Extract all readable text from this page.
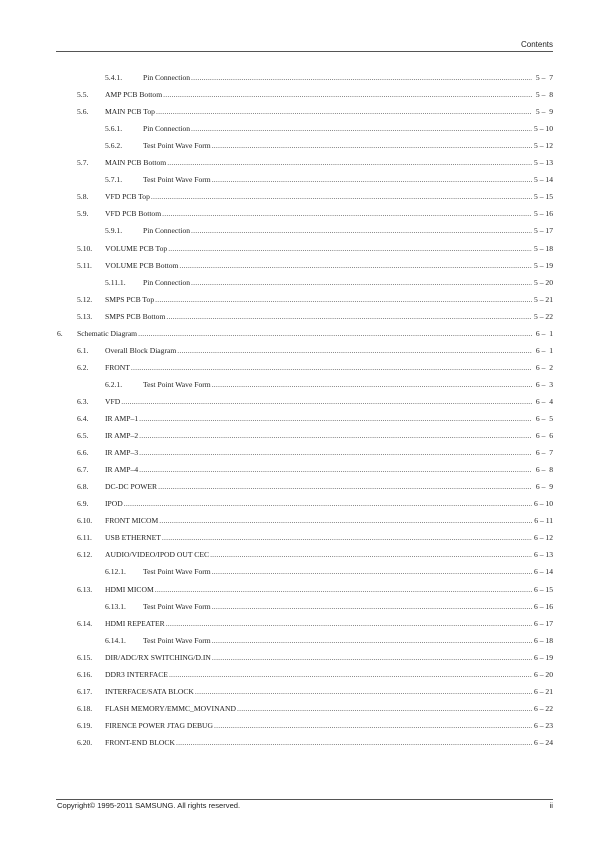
Contents
5.4.1.	Pin Connection .....	5 –  7
5.5. AMP PCB Bottom .....	5 –  8
5.6. MAIN PCB Top .....	5 –  9
5.6.1.	Pin Connection .....	5 – 10
5.6.2.	Test Point Wave Form .....	5 – 12
5.7. MAIN PCB Bottom .....	5 – 13
5.7.1.	Test Point Wave Form .....	5 – 14
5.8. VFD PCB Top .....	5 – 15
5.9. VFD PCB Bottom .....	5 – 16
5.9.1.	Pin Connection .....	5 – 17
5.10. VOLUME PCB Top .....	5 – 18
5.11. VOLUME PCB Bottom .....	5 – 19
5.11.1. Pin Connection .....	5 – 20
5.12. SMPS PCB Top .....	5 – 21
5.13. SMPS PCB Bottom .....	5 – 22
6. Schematic Diagram .....	6 –  1
6.1. Overall Block Diagram .....	6 –  1
6.2. FRONT .....	6 –  2
6.2.1.	Test Point Wave Form .....	6 –  3
6.3. VFD .....	6 –  4
6.4. IR AMP–1 .....	6 –  5
6.5. IR AMP–2 .....	6 –  6
6.6. IR AMP–3 .....	6 –  7
6.7. IR AMP–4 .....	6 –  8
6.8. DC-DC POWER .....	6 –  9
6.9. IPOD .....	6 – 10
6.10. FRONT MICOM .....	6 – 11
6.11. USB ETHERNET .....	6 – 12
6.12. AUDIO/VIDEO/IPOD OUT CEC .....	6 – 13
6.12.1. Test Point Wave Form .....	6 – 14
6.13. HDMI MICOM .....	6 – 15
6.13.1. Test Point Wave Form .....	6 – 16
6.14. HDMI REPEATER .....	6 – 17
6.14.1. Test Point Wave Form .....	6 – 18
6.15. DIR/ADC/RX SWITCHING/D.IN .....	6 – 19
6.16. DDR3 INTERFACE .....	6 – 20
6.17. INTERFACE/SATA BLOCK .....	6 – 21
6.18. FLASH MEMORY/EMMC_MOVINAND .....	6 – 22
6.19. FIRENCE POWER JTAG DEBUG .....	6 – 23
6.20. FRONT-END BLOCK .....	6 – 24
Copyright© 1995-2011 SAMSUNG. All rights reserved.	ii
